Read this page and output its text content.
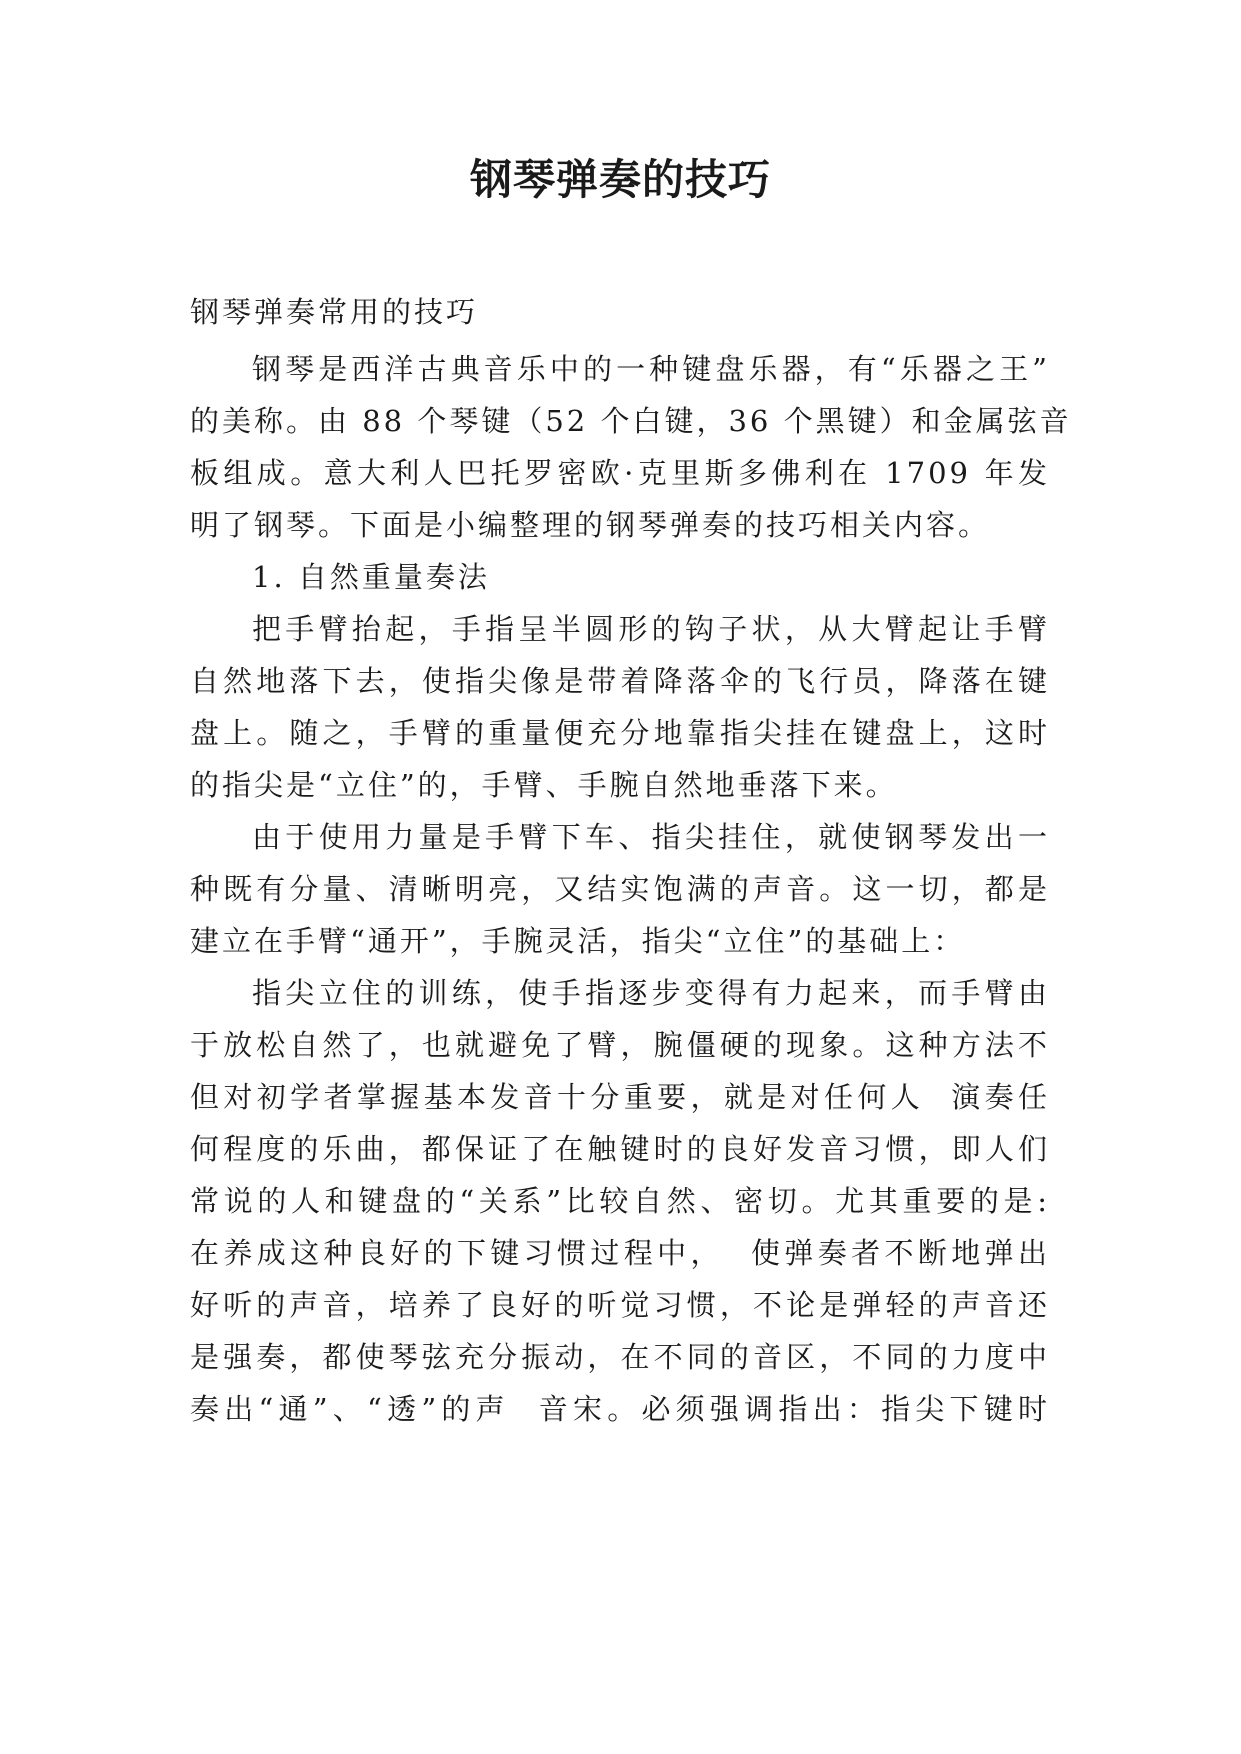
钢琴弹奏的技巧
钢琴弹奏常用的技巧
钢琴是西洋古典音乐中的一种键盘乐器，有“乐器之王”
的美称。由 88 个琴键（52 个白键，36 个黑键）和金属弦音
板组成。意大利人巴托罗密欧·克里斯多佛利在 1709 年发
明了钢琴。下面是小编整理的钢琴弹奏的技巧相关内容。
1. 自然重量奏法
把手臂抬起，手指呈半圆形的钩子状，从大臂起让手臂
自然地落下去，使指尖像是带着降落伞的飞行员，降落在键
盘上。随之，手臂的重量便充分地靠指尖挂在键盘上，这时
的指尖是“立住”的，手臂、手腕自然地垂落下来。
由于使用力量是手臂下车、指尖挂住，就使钢琴发出一
种既有分量、清晰明亮，又结实饱满的声音。这一切，都是
建立在手臂“通开”，手腕灵活，指尖“立住”的基础上：
指尖立住的训练，使手指逐步变得有力起来，而手臂由
于放松自然了，也就避免了臂，腕僵硬的现象。这种方法不
但对初学者掌握基本发音十分重要，就是对任何人  演奏任
何程度的乐曲，都保证了在触键时的良好发音习惯，即人们
常说的人和键盘的“关系”比较自然、密切。尤其重要的是:
在养成这种良好的下键习惯过程中，  使弹奏者不断地弹出
好听的声音，培养了良好的听觉习惯，不论是弹轻的声音还
是强奏，都使琴弦充分振动，在不同的音区，不同的力度中
奏出“通”、“透”的声  音宋。必须强调指出：指尖下键时
